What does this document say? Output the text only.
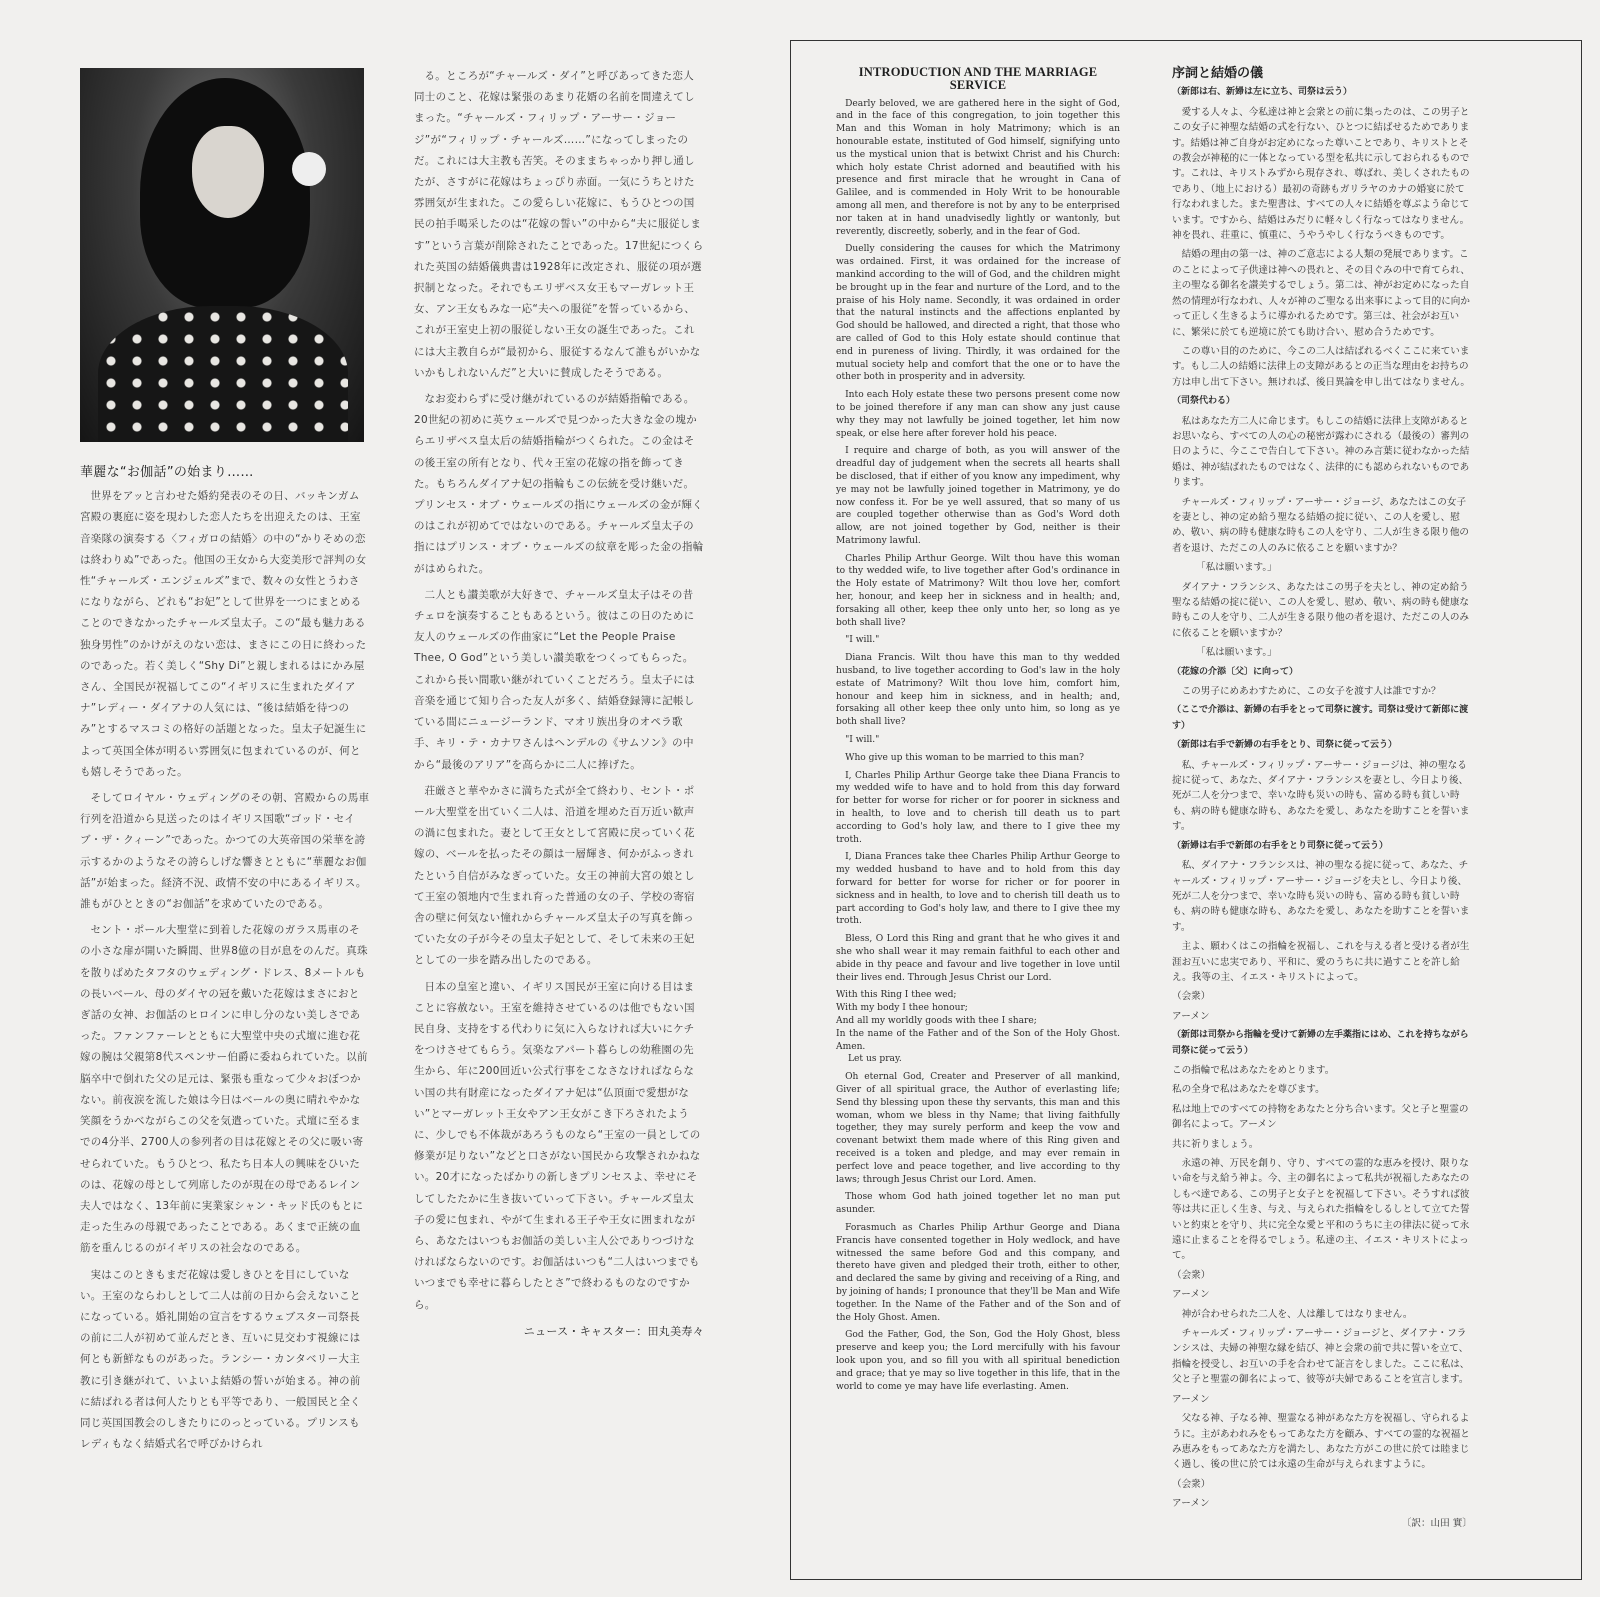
華麗な“お伽話”の始まり……

世界をアッと言わせた婚約発表のその日、バッキンガム宮殿の裏庭に姿を現わした恋人たちを出迎えたのは、王室音楽隊の演奏する〈フィガロの結婚〉の中の“かりそめの恋は終わりぬ”であった。他国の王女から大変美形で評判の女性“チャールズ・エンジェルズ”まで、数々の女性とうわさになりながら、どれも“お妃”として世界を一つにまとめることのできなかったチャールズ皇太子。この“最も魅力ある独身男性”のかけがえのない恋は、まさにこの日に終わったのであった。若く美しく“Shy Di”と親しまれるはにかみ屋さん、全国民が祝福してこの“イギリスに生まれたダイアナ”レディー・ダイアナの人気には、“後は結婚を待つのみ”とするマスコミの格好の話題となった。皇太子妃誕生によって英国全体が明るい雰囲気に包まれているのが、何とも嬉しそうであった。

そしてロイヤル・ウェディングのその朝、宮殿からの馬車行列を沿道から見送ったのはイギリス国歌“ゴッド・セイブ・ザ・クィーン”であった。かつての大英帝国の栄華を誇示するかのようなその誇らしげな響きとともに“華麗なお伽話”が始まった。経済不況、政情不安の中にあるイギリス。誰もがひとときの“お伽話”を求めていたのである。

セント・ポール大聖堂に到着した花嫁のガラス馬車のその小さな扉が開いた瞬間、世界8億の目が息をのんだ。真珠を散りばめたタフタのウェディング・ドレス、8メートルもの長いベール、母のダイヤの冠を戴いた花嫁はまさにおとぎ話の女神、お伽話のヒロインに申し分のない美しさであった。ファンファーレとともに大聖堂中央の式壇に進む花嫁の腕は父親第8代スペンサー伯爵に委ねられていた。以前脳卒中で倒れた父の足元は、緊張も重なって少々おぼつかない。前夜涙を流した娘は今日はベールの奥に晴れやかな笑顔をうかべながらこの父を気遣っていた。式壇に至るまでの4分半、2700人の参列者の目は花嫁とその父に吸い寄せられていた。もうひとつ、私たち日本人の興味をひいたのは、花嫁の母として列席したのが現在の母であるレイン夫人ではなく、13年前に実業家シャン・キッド氏のもとに走った生みの母親であったことである。あくまで正統の血筋を重んじるのがイギリスの社会なのである。

実はこのときもまだ花嫁は愛しきひとを目にしていない。王室のならわしとして二人は前の日から会えないことになっている。婚礼開始の宣言をするウェブスター司祭長の前に二人が初めて並んだとき、互いに見交わす視線には何とも新鮮なものがあった。ランシー・カンタベリー大主教に引き継がれて、いよいよ結婚の誓いが始まる。神の前に結ばれる者は何人たりとも平等であり、一般国民と全く同じ英国国教会のしきたりにのっとっている。プリンスもレディもなく結婚式名で呼びかけられ

る。ところが“チャールズ・ダイ”と呼びあってきた恋人同士のこと、花嫁は緊張のあまり花婿の名前を間違えてしまった。“チャールズ・フィリップ・アーサー・ジョージ”が“フィリップ・チャールズ……”になってしまったのだ。これには大主教も苦笑。そのままちゃっかり押し通したが、さすがに花嫁はちょっぴり赤面。一気にうちとけた雰囲気が生まれた。この愛らしい花嫁に、もうひとつの国民の拍手喝采したのは“花嫁の誓い”の中から“夫に服従します”という言葉が削除されたことであった。17世紀につくられた英国の結婚儀典書は1928年に改定され、服従の項が選択制となった。それでもエリザベス女王もマーガレット王女、アン王女もみな一応“夫への服従”を誓っているから、これが王室史上初の服従しない王女の誕生であった。これには大主教自らが“最初から、服従するなんて誰もがいかないかもしれないんだ”と大いに賛成したそうである。

なお変わらずに受け継がれているのが結婚指輪である。20世紀の初めに英ウェールズで見つかった大きな金の塊からエリザベス皇太后の結婚指輪がつくられた。この金はその後王室の所有となり、代々王室の花嫁の指を飾ってきた。もちろんダイアナ妃の指輪もこの伝統を受け継いだ。プリンセス・オブ・ウェールズの指にウェールズの金が輝くのはこれが初めてではないのである。チャールズ皇太子の指にはプリンス・オブ・ウェールズの紋章を彫った金の指輪がはめられた。

二人とも讃美歌が大好きで、チャールズ皇太子はその昔チェロを演奏することもあるという。彼はこの日のために友人のウェールズの作曲家に“Let the People Praise Thee, O God”という美しい讃美歌をつくってもらった。これから長い間歌い継がれていくことだろう。皇太子には音楽を通じて知り合った友人が多く、結婚登録簿に記帳している間にニュージーランド、マオリ族出身のオペラ歌手、キリ・テ・カナワさんはヘンデルの《サムソン》の中から“最後のアリア”を高らかに二人に捧げた。

荘厳さと華やかさに満ちた式が全て終わり、セント・ポール大聖堂を出ていく二人は、沿道を埋めた百万近い歓声の渦に包まれた。妻として王女として宮殿に戻っていく花嫁の、ベールを払ったその顔は一層輝き、何かがふっきれたという自信がみなぎっていた。女王の神前大宮の娘として王室の領地内で生まれ育った普通の女の子、学校の寄宿舎の壁に何気ない憧れからチャールズ皇太子の写真を飾っていた女の子が今その皇太子妃として、そして未来の王妃としての一歩を踏み出したのである。

日本の皇室と違い、イギリス国民が王室に向ける目はまことに容赦ない。王室を維持させているのは他でもない国民自身、支持をする代わりに気に入らなければ大いにケチをつけさせてもらう。気楽なアパート暮らしの幼稚園の先生から、年に200回近い公式行事をこなさなければならない国の共有財産になったダイアナ妃は“仏頂面で愛想がない”とマーガレット王女やアン王女がこき下ろされたように、少しでも不体裁があろうものなら“王室の一員としての修業が足りない”などと口さがない国民から攻撃されかねない。20才になったばかりの新しきプリンセスよ、幸せにそしてしたたかに生き抜いていって下さい。チャールズ皇太子の愛に包まれ、やがて生まれる王子や王女に囲まれながら、あなたはいつもお伽話の美しい主人公でありつづけなければならないのです。お伽話はいつも“二人はいつまでもいつまでも幸せに暮らしたとさ”で終わるものなのですから。

ニュース・キャスター：田丸美寿々
INTRODUCTION AND THE MARRIAGE SERVICE

Dearly beloved, we are gathered here in the sight of God, and in the face of this congregation, to join together this Man and this Woman in holy Matrimony; which is an honourable estate, instituted of God himself, signifying unto us the mystical union that is betwixt Christ and his Church: which holy estate Christ adorned and beautified with his presence and first miracle that he wrought in Cana of Galilee, and is commended in Holy Writ to be honourable among all men, and therefore is not by any to be enterprised nor taken at in hand unadvisedly lightly or wantonly, but reverently, discreetly, soberly, and in the fear of God.

Duelly considering the causes for which the Matrimony was ordained. First, it was ordained for the increase of mankind according to the will of God, and the children might be brought up in the fear and nurture of the Lord, and to the praise of his Holy name. Secondly, it was ordained in order that the natural instincts and the affections enplanted by God should be hallowed, and directed a right, that those who are called of God to this Holy estate should continue that end in pureness of living. Thirdly, it was ordained for the mutual society help and comfort that the one or to have the other both in prosperity and in adversity.

Into each Holy estate these two persons present come now to be joined therefore if any man can show any just cause why they may not lawfully be joined together, let him now speak, or else here after forever hold his peace.

I require and charge of both, as you will answer of the dreadful day of judgement when the secrets all hearts shall be disclosed, that if either of you know any impediment, why ye may not be lawfully joined together in Matrimony, ye do now confess it. For be ye well assured, that so many of us are coupled together otherwise than as God's Word doth allow, are not joined together by God, neither is their Matrimony lawful.

Charles Philip Arthur George. Wilt thou have this woman to thy wedded wife, to live together after God's ordinance in the Holy estate of Matrimony? Wilt thou love her, comfort her, honour, and keep her in sickness and in health; and, forsaking all other, keep thee only unto her, so long as ye both shall live?

"I will."

Diana Francis. Wilt thou have this man to thy wedded husband, to live together according to God's law in the holy estate of Matrimony? Wilt thou love him, comfort him, honour and keep him in sickness, and in health; and, forsaking all other keep thee only unto him, so long as ye both shall live?

"I will."

Who give up this woman to be married to this man?

I, Charles Philip Arthur George take thee Diana Francis to my wedded wife to have and to hold from this day forward for better for worse for richer or for poorer in sickness and in health, to love and to cherish till death us to part according to God's holy law, and there to I give thee my troth.

I, Diana Frances take thee Charles Philip Arthur George to my wedded husband to have and to hold from this day forward for better for worse for richer or for poorer in sickness and in health, to love and to cherish till death us to part according to God's holy law, and there to I give thee my troth.

Bless, O Lord this Ring and grant that he who gives it and she who shall wear it may remain faithful to each other and abide in thy peace and favour and live together in love until their lives end. Through Jesus Christ our Lord.

With this Ring I thee wed;

With my body I thee honour;

And all my worldly goods with thee I share;

In the name of the Father and of the Son of the Holy Ghost. Amen.

Let us pray.

Oh eternal God, Creater and Preserver of all mankind, Giver of all spiritual grace, the Author of everlasting life; Send thy blessing upon these thy servants, this man and this woman, whom we bless in thy Name; that living faithfully together, they may surely perform and keep the vow and covenant betwixt them made where of this Ring given and received is a token and pledge, and may ever remain in perfect love and peace together, and live according to thy laws; through Jesus Christ our Lord. Amen.

Those whom God hath joined together let no man put asunder.

Forasmuch as Charles Philip Arthur George and Diana Francis have consented together in Holy wedlock, and have witnessed the same before God and this company, and thereto have given and pledged their troth, either to other, and declared the same by giving and receiving of a Ring, and by joining of hands; I pronounce that they'll be Man and Wife together. In the Name of the Father and of the Son and of the Holy Ghost. Amen.

God the Father, God, the Son, God the Holy Ghost, bless preserve and keep you; the Lord mercifully with his favour look upon you, and so fill you with all spiritual benediction and grace; that ye may so live together in this life, that in the world to come ye may have life everlasting. Amen.

序詞と結婚の儀

（新郎は右、新婦は左に立ち、司祭は云う）

愛する人々よ、今私達は神と会衆との前に集ったのは、この男子とこの女子に神聖な結婚の式を行ない、ひとつに結ばせるためであります。結婚は神ご自身がお定めになった尊いことであり、キリストとその教会が神秘的に一体となっている型を私共に示しておられるものです。これは、キリストみずから現存され、尊ばれ、美しくされたものであり、（地上における）最初の奇跡もガリラヤのカナの婚宴に於て行なわれました。また聖書は、すべての人々に結婚を尊ぶよう命じています。ですから、結婚はみだりに軽々しく行なってはなりません。神を畏れ、荘重に、慎重に、うやうやしく行なうべきものです。

結婚の理由の第一は、神のご意志による人類の発展であります。このことによって子供達は神への畏れと、その目ぐみの中で育てられ、主の聖なる御名を讃美するでしょう。第二は、神がお定めになった自然の情理が行なわれ、人々が神のご聖なる出来事によって目的に向かって正しく生きるように導かれるためです。第三は、社会がお互いに、繁栄に於ても逆境に於ても助け合い、慰め合うためです。

この尊い目的のために、今この二人は結ばれるべくここに来ています。もし二人の結婚に法律上の支障があるとの正当な理由をお持ちの方は申し出て下さい。無ければ、後日異論を申し出てはなりません。

（司祭代わる）

私はあなた方二人に命じます。もしこの結婚に法律上支障があるとお思いなら、すべての人の心の秘密が露わにされる（最後の）審判の日のように、今ここで告白して下さい。神のみ言葉に従わなかった結婚は、神が結ばれたものではなく、法律的にも認められないものであります。

チャールズ・フィリップ・アーサー・ジョージ、あなたはこの女子を妻とし、神の定め給う聖なる結婚の掟に従い、この人を愛し、慰め、敬い、病の時も健康な時もこの人を守り、二人が生きる限り他の者を退け、ただこの人のみに依ることを願いますか？

「私は願います。」

ダイアナ・フランシス、あなたはこの男子を夫とし、神の定め給う聖なる結婚の掟に従い、この人を愛し、慰め、敬い、病の時も健康な時もこの人を守り、二人が生きる限り他の者を退け、ただこの人のみに依ることを願いますか？

「私は願います。」

（花嫁の介添〔父〕に向って）

この男子にめあわすために、この女子を渡す人は誰ですか？

（ここで介添は、新婦の右手をとって司祭に渡す。司祭は受けて新郎に渡す）

（新郎は右手で新婦の右手をとり、司祭に従って云う）

私、チャールズ・フィリップ・アーサー・ジョージは、神の聖なる掟に従って、あなた、ダイアナ・フランシスを妻とし、今日より後、死が二人を分つまで、幸いな時も災いの時も、富める時も貧しい時も、病の時も健康な時も、あなたを愛し、あなたを助すことを誓います。

（新婦は右手で新郎の右手をとり司祭に従って云う）

私、ダイアナ・フランシスは、神の聖なる掟に従って、あなた、チャールズ・フィリップ・アーサー・ジョージを夫とし、今日より後、死が二人を分つまで、幸いな時も災いの時も、富める時も貧しい時も、病の時も健康な時も、あなたを愛し、あなたを助すことを誓います。

主よ、願わくはこの指輪を祝福し、これを与える者と受ける者が生涯お互いに忠実であり、平和に、愛のうちに共に過すことを許し給え。我等の主、イエス・キリストによって。

（会衆）

アーメン

（新郎は司祭から指輪を受けて新婦の左手薬指にはめ、これを持ちながら司祭に従って云う）

この指輪で私はあなたをめとります。

私の全身で私はあなたを尊びます。

私は地上でのすべての持物をあなたと分ち合います。父と子と聖霊の御名によって。アーメン

共に祈りましょう。

永遠の神、万民を創り、守り、すべての霊的な恵みを授け、限りない命を与え給う神よ。今、主の御名によって私共が祝福したあなたのしもべ達である、この男子と女子とを祝福して下さい。そうすれば彼等は共に正しく生き、与え、与えられた指輪をしるしとして立てた誓いと約束とを守り、共に完全な愛と平和のうちに主の律法に従って永遠に止まることを得るでしょう。私達の主、イエス・キリストによって。

（会衆）

アーメン

神が合わせられた二人を、人は離してはなりません。

チャールズ・フィリップ・アーサー・ジョージと、ダイアナ・フランシスは、夫婦の神聖な縁を結び、神と会衆の前で共に誓いを立て、指輪を授受し、お互いの手を合わせて証言をしました。ここに私は、父と子と聖霊の御名によって、彼等が夫婦であることを宣言します。

アーメン

父なる神、子なる神、聖霊なる神があなた方を祝福し、守られるように。主があわれみをもってあなた方を顧み、すべての霊的な祝福とみ恵みをもってあなた方を満たし、あなた方がこの世に於ては睦まじく過し、後の世に於ては永遠の生命が与えられますように。

（会衆）

アーメン

〔訳：山田 實〕
